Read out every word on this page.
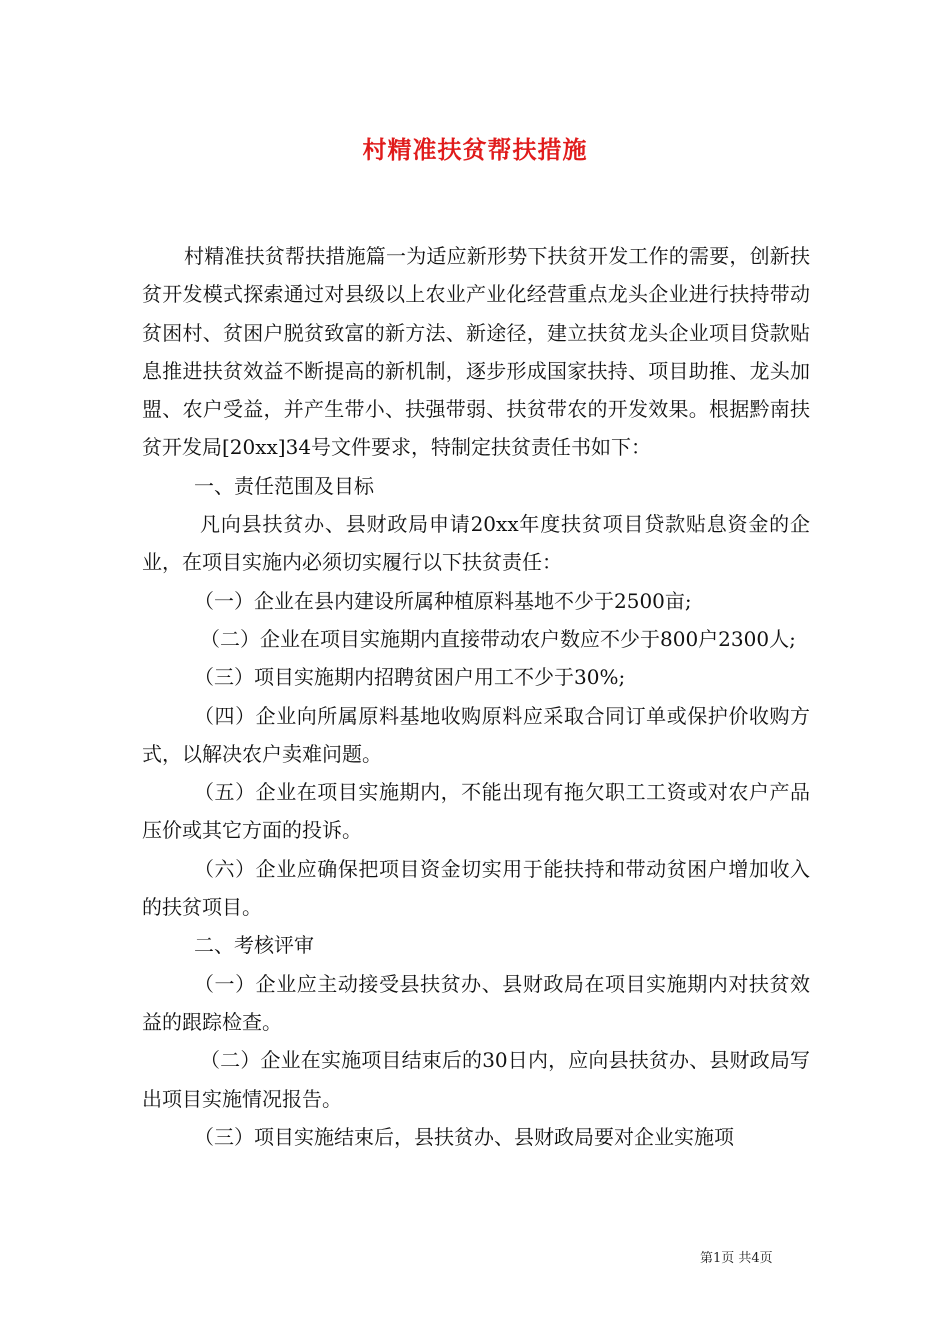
村精准扶贫帮扶措施

村精准扶贫帮扶措施篇一为适应新形势下扶贫开发工作的需要，创新扶贫开发模式探索通过对县级以上农业产业化经营重点龙头企业进行扶持带动贫困村、贫困户脱贫致富的新方法、新途径，建立扶贫龙头企业项目贷款贴息推进扶贫效益不断提高的新机制，逐步形成国家扶持、项目助推、龙头加盟、农户受益，并产生带小、扶强带弱、扶贫带农的开发效果。根据黔南扶贫开发局[20xx]34号文件要求，特制定扶贫责任书如下：

一、责任范围及目标

凡向县扶贫办、县财政局申请20xx年度扶贫项目贷款贴息资金的企业，在项目实施内必须切实履行以下扶贫责任：

（一）企业在县内建设所属种植原料基地不少于2500亩;

（二）企业在项目实施期内直接带动农户数应不少于800户2300人;

（三）项目实施期内招聘贫困户用工不少于30%;

（四）企业向所属原料基地收购原料应采取合同订单或保护价收购方式，以解决农户卖难问题。

（五）企业在项目实施期内，不能出现有拖欠职工工资或对农户产品压价或其它方面的投诉。

（六）企业应确保把项目资金切实用于能扶持和带动贫困户增加收入的扶贫项目。

二、考核评审

（一）企业应主动接受县扶贫办、县财政局在项目实施期内对扶贫效益的跟踪检查。

（二）企业在实施项目结束后的30日内，应向县扶贫办、县财政局写出项目实施情况报告。

（三）项目实施结束后，县扶贫办、县财政局要对企业实施项

第1页 共4页
